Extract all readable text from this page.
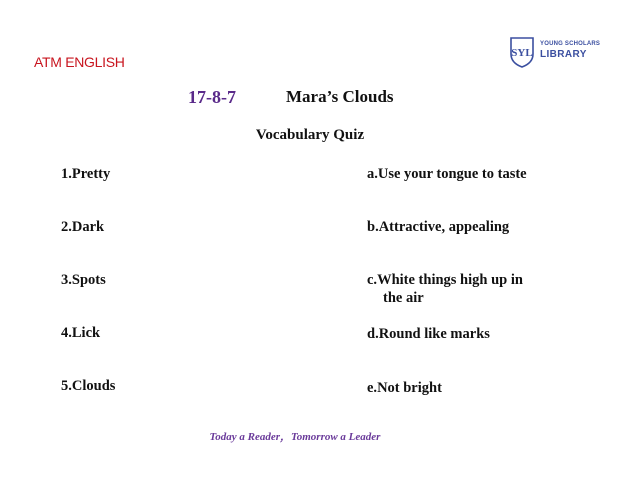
ATM ENGLISH
SYL
YOUNG SCHOLARS
LIBRARY
17-8-7	Mara’s Clouds
Vocabulary Quiz
1.Pretty
2.Dark
3.Spots
4.Lick
5.Clouds
a.Use your tongue to taste
b.Attractive, appealing
c.White things high up in
the air
d.Round like marks
e.Not bright
Today a Reader，Tomorrow a Leader
